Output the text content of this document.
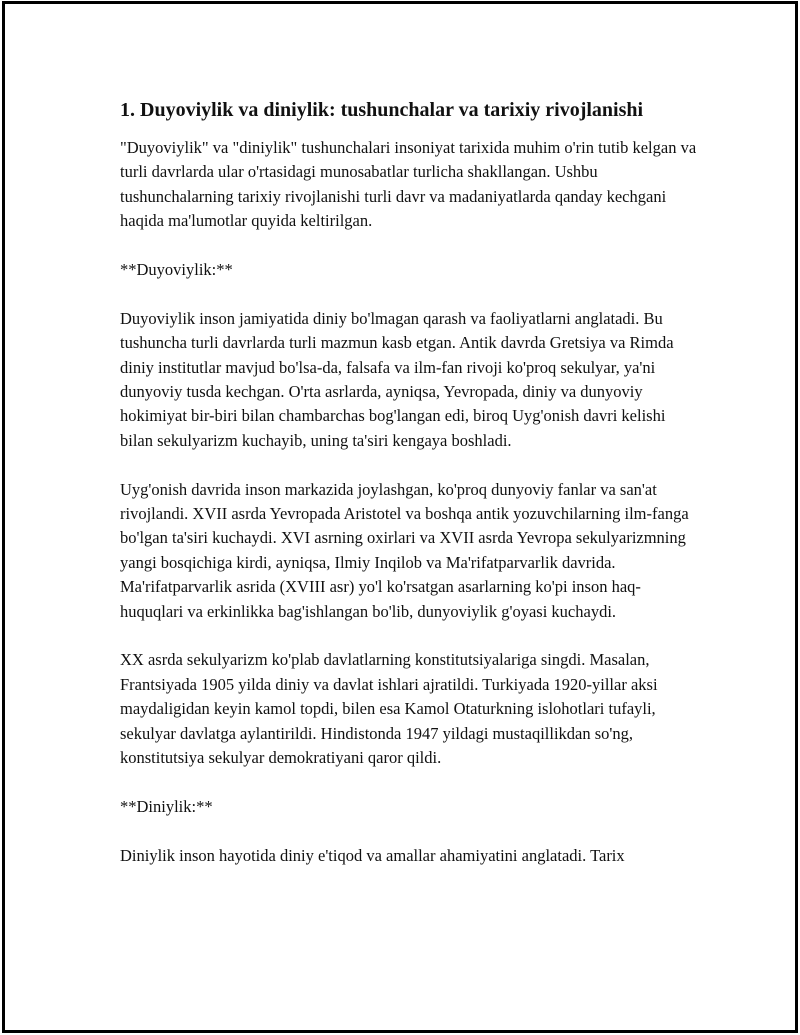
1. Duyoviylik va diniylik: tushunchalar va tarixiy rivojlanishi

"Duyoviylik" va "diniylik" tushunchalari insoniyat tarixida muhim o'rin tutib kelgan va turli davrlarda ular o'rtasidagi munosabatlar turlicha shakllangan. Ushbu tushunchalarning tarixiy rivojlanishi turli davr va madaniyatlarda qanday kechgani haqida ma'lumotlar quyida keltirilgan.

**Duyoviylik:**

Duyoviylik inson jamiyatida diniy bo'lmagan qarash va faoliyatlarni anglatadi. Bu tushuncha turli davrlarda turli mazmun kasb etgan. Antik davrda Gretsiya va Rimda diniy institutlar mavjud bo'lsa-da, falsafa va ilm-fan rivoji ko'proq sekulyar, ya'ni dunyoviy tusda kechgan. O'rta asrlarda, ayniqsa, Yevropada, diniy va dunyoviy hokimiyat bir-biri bilan chambarchas bog'langan edi, biroq Uyg'onish davri kelishi bilan sekulyarizm kuchayib, uning ta'siri kengaya boshladi.

Uyg'onish davrida inson markazida joylashgan, ko'proq dunyoviy fanlar va san'at rivojlandi. XVII asrda Yevropada Aristotel va boshqa antik yozuvchilarning ilm-fanga bo'lgan ta'siri kuchaydi. XVI asrning oxirlari va XVII asrda Yevropa sekulyarizmning yangi bosqichiga kirdi, ayniqsa, Ilmiy Inqilob va Ma'rifatparvarlik davrida. Ma'rifatparvarlik asrida (XVIII asr) yo'l ko'rsatgan asarlarning ko'pi inson haq-huquqlari va erkinlikka bag'ishlangan bo'lib, dunyoviylik g'oyasi kuchaydi.

XX asrda sekulyarizm ko'plab davlatlarning konstitutsiyalariga singdi. Masalan, Frantsiyada 1905 yilda diniy va davlat ishlari ajratildi. Turkiyada 1920-yillar aksi maydaligidan keyin kamol topdi, bilen esa Kamol Otaturkning islohotlari tufayli, sekulyar davlatga aylantirildi. Hindistonda 1947 yildagi mustaqillikdan so'ng, konstitutsiya sekulyar demokratiyani qaror qildi.

**Diniylik:**

Diniylik inson hayotida diniy e'tiqod va amallar ahamiyatini anglatadi. Tarix
